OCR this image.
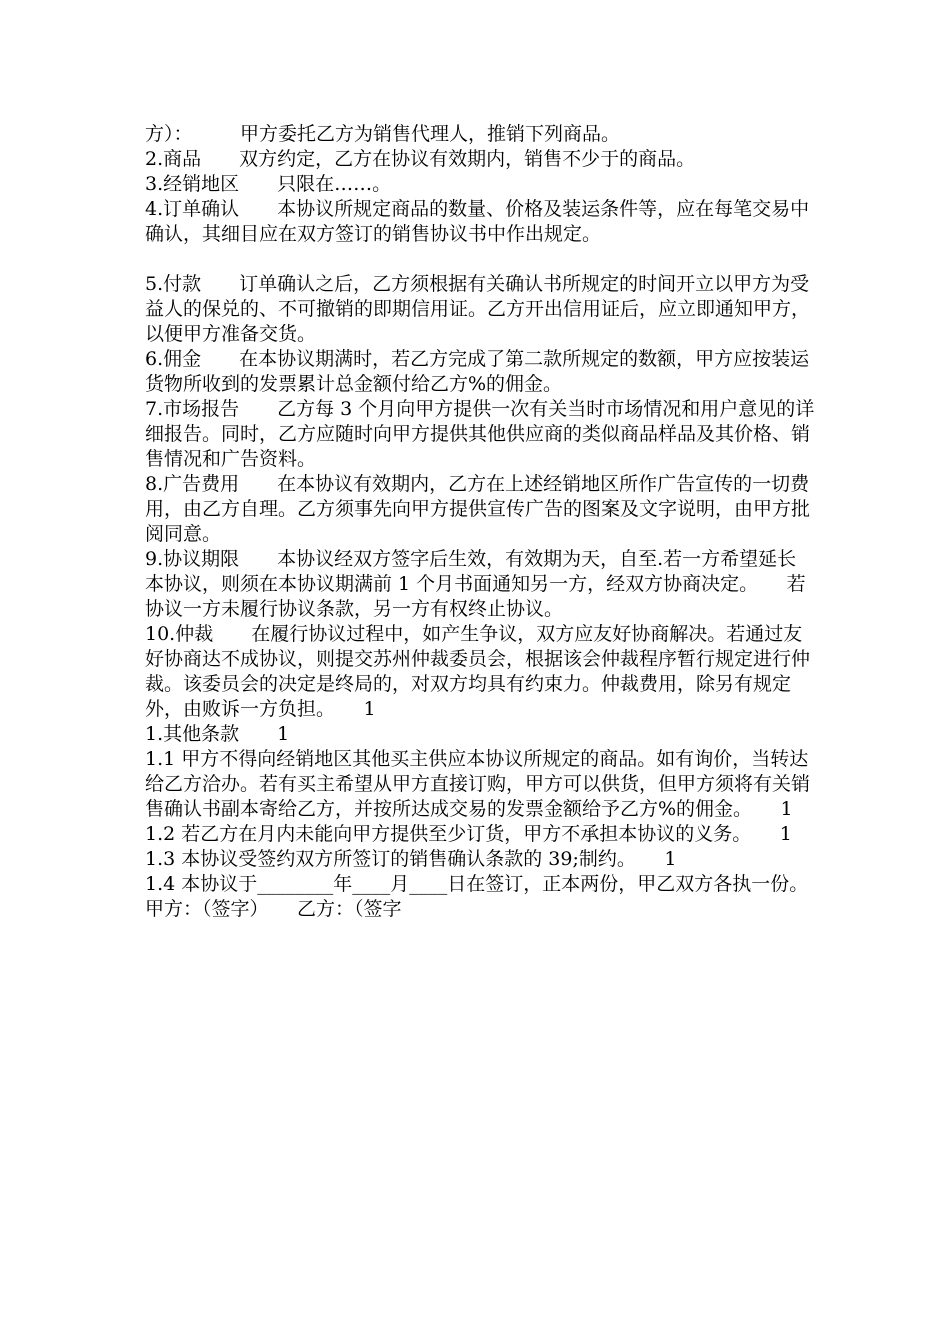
方）：　　　甲方委托乙方为销售代理人，推销下列商品。

2.商品　　双方约定，乙方在协议有效期内，销售不少于的商品。

3.经销地区　　只限在……。

4.订单确认　　本协议所规定商品的数量、价格及装运条件等，应在每笔交易中确认，其细目应在双方签订的销售协议书中作出规定。

5.付款　　订单确认之后，乙方须根据有关确认书所规定的时间开立以甲方为受益人的保兑的、不可撤销的即期信用证。乙方开出信用证后，应立即通知甲方，以便甲方准备交货。

6.佣金　　在本协议期满时，若乙方完成了第二款所规定的数额，甲方应按装运货物所收到的发票累计总金额付给乙方%的佣金。

7.市场报告　　乙方每 3 个月向甲方提供一次有关当时市场情况和用户意见的详细报告。同时，乙方应随时向甲方提供其他供应商的类似商品样品及其价格、销售情况和广告资料。

8.广告费用　　在本协议有效期内，乙方在上述经销地区所作广告宣传的一切费用，由乙方自理。乙方须事先向甲方提供宣传广告的图案及文字说明，由甲方批阅同意。

9.协议期限　　本协议经双方签字后生效，有效期为天，自至.若一方希望延长本协议，则须在本协议期满前 1 个月书面通知另一方，经双方协商决定。　　若协议一方未履行协议条款，另一方有权终止协议。

10.仲裁　　在履行协议过程中，如产生争议，双方应友好协商解决。若通过友好协商达不成协议，则提交苏州仲裁委员会，根据该会仲裁程序暂行规定进行仲裁。该委员会的决定是终局的，对双方均具有约束力。仲裁费用，除另有规定外，由败诉一方负担。　　1

1.其他条款　　1

1.1 甲方不得向经销地区其他买主供应本协议所规定的商品。如有询价，当转达给乙方洽办。若有买主希望从甲方直接订购，甲方可以供货，但甲方须将有关销售确认书副本寄给乙方，并按所达成交易的发票金额给予乙方%的佣金。　　1

1.2 若乙方在月内未能向甲方提供至少订货，甲方不承担本协议的义务。　　1

1.3 本协议受签约双方所签订的销售确认条款的 39;制约。　　1

1.4 本协议于________年____月____日在签订，正本两份，甲乙双方各执一份。　　甲方：（签字）　　乙方：（签字
